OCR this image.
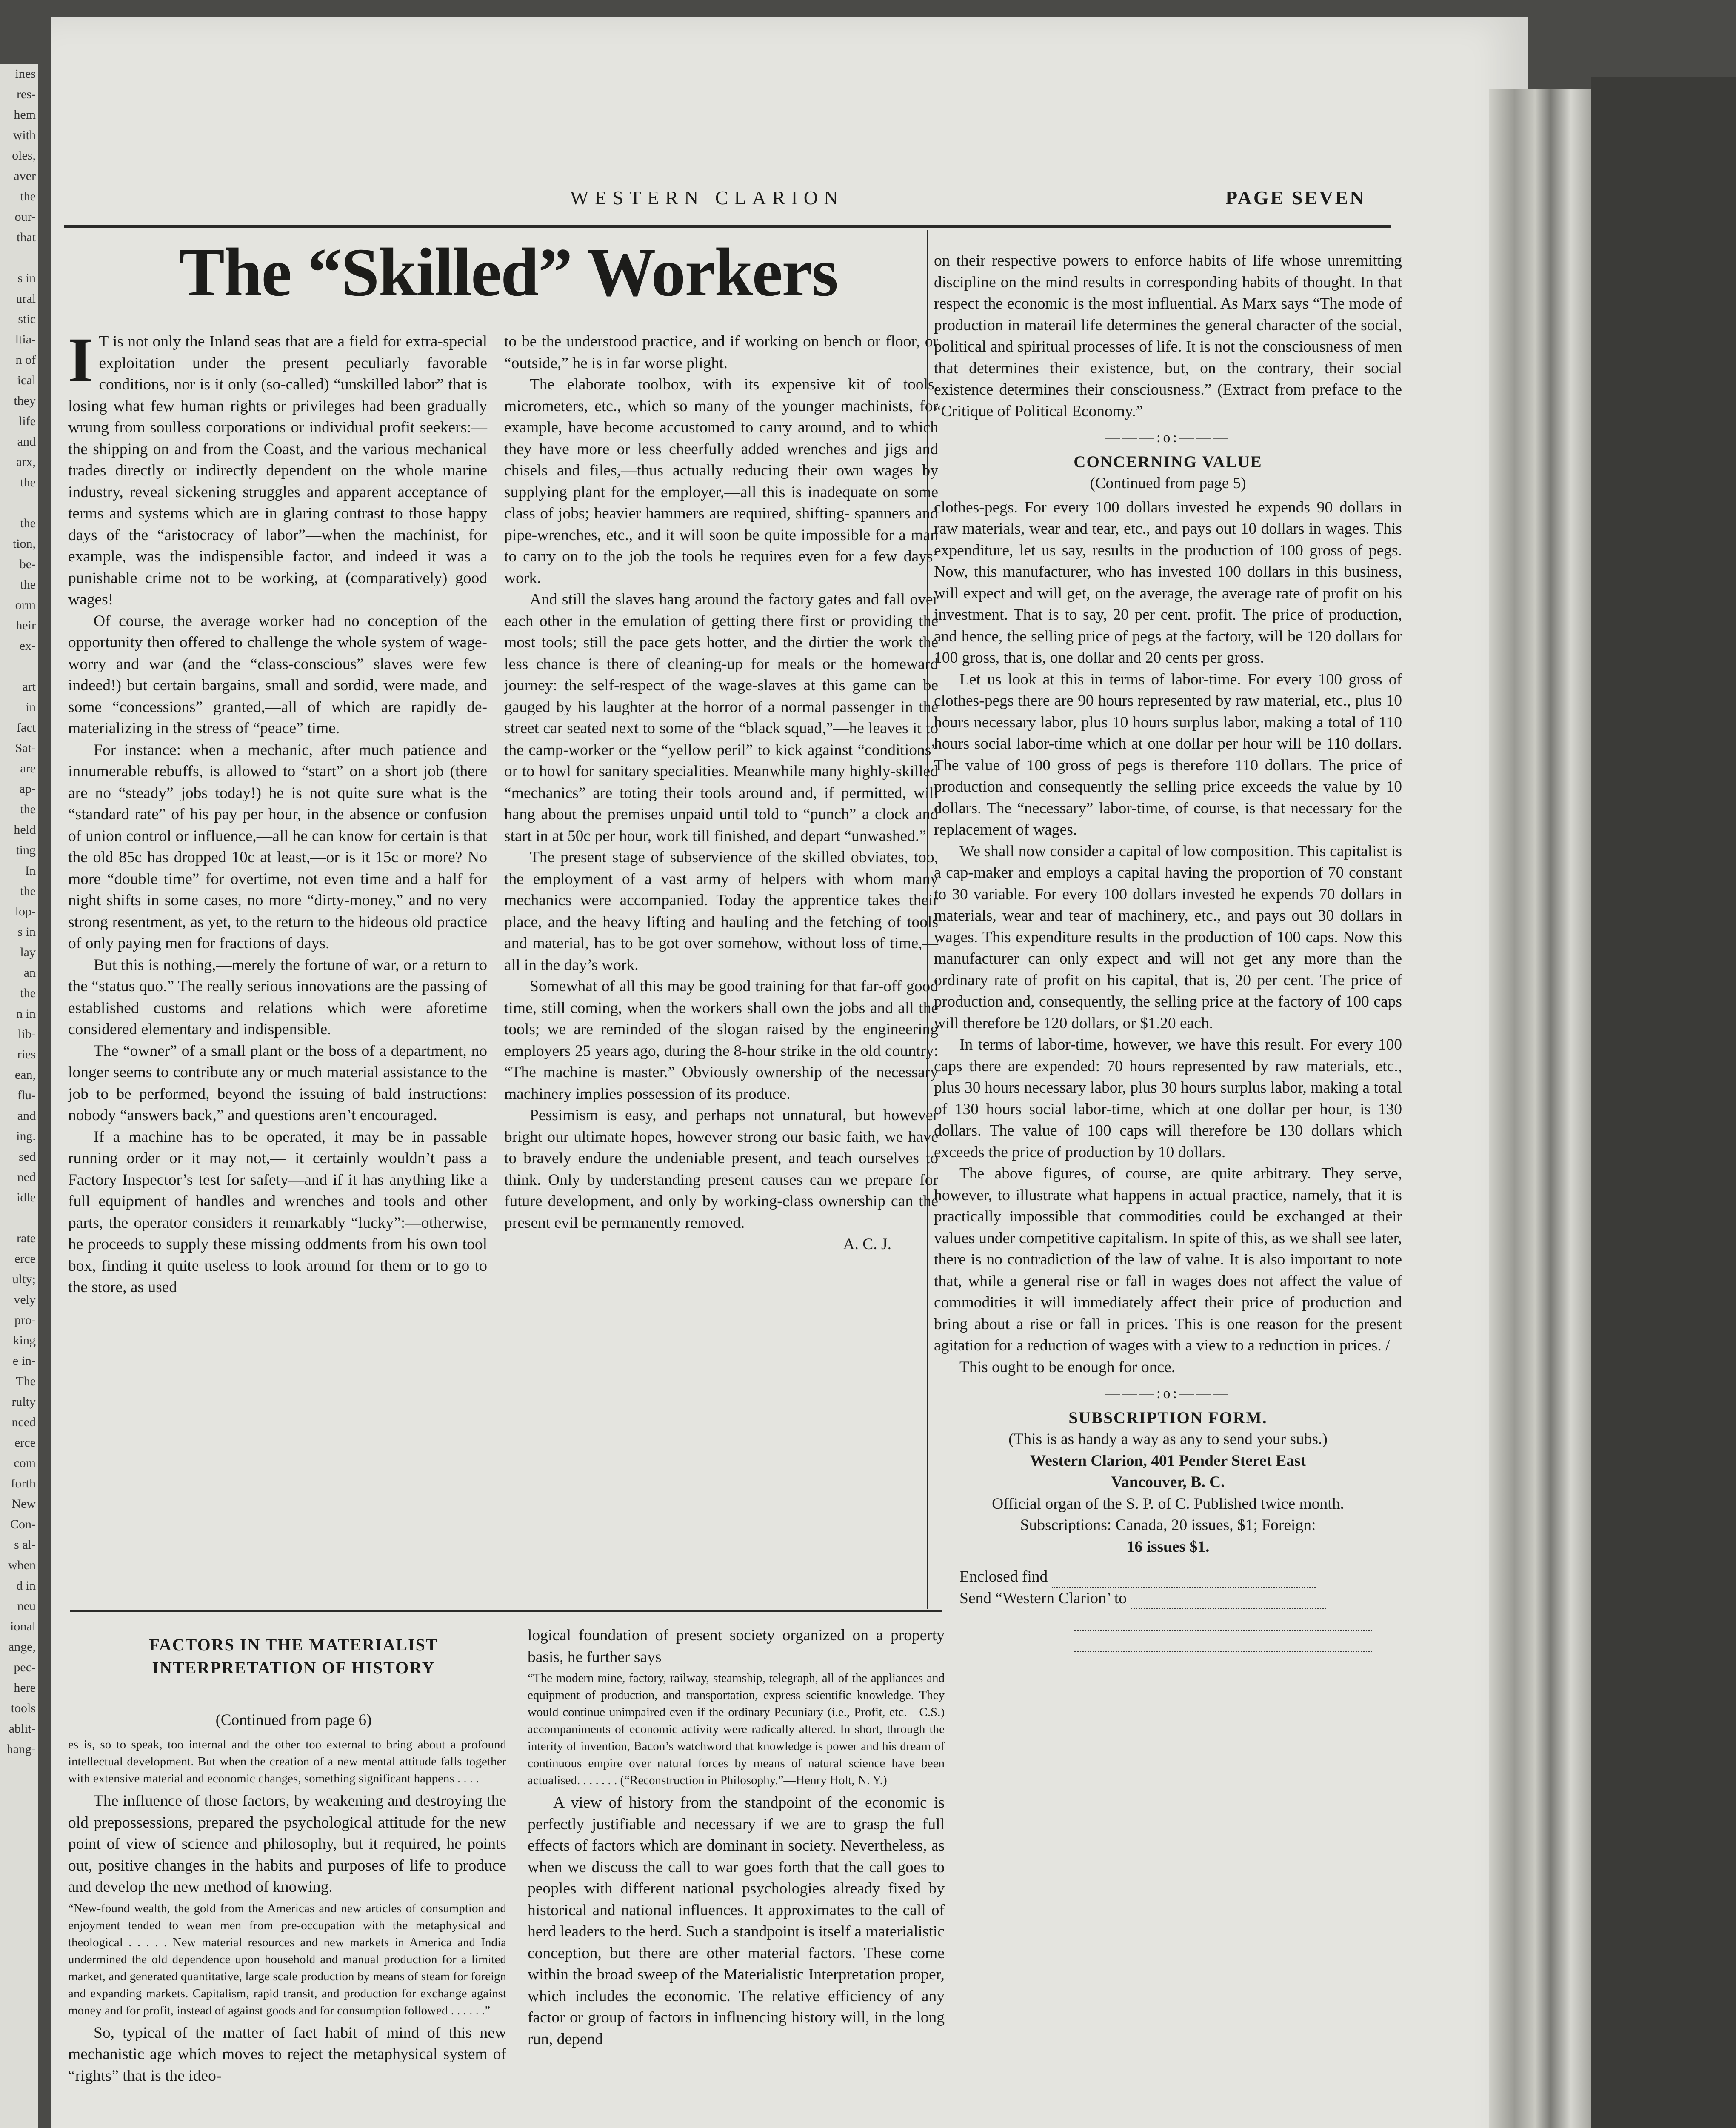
ines
res-
hem
with
oles,
aver
the
our-
that

s in
ural
stic
ltia-
n of
ical
they
life
and
arx,
the

the
tion,
be-
the
orm
heir
ex-

art
in
fact
Sat-
are
ap-
the
held
ting
In
the
lop-
s in
lay
an
the
n in
lib-
ries
ean,
flu-
and
ing.
sed
ned
idle

rate
erce
ulty;
vely
pro-
king
e in-
The
rulty
nced
erce
com
forth
New
Con-
s al-
when
d in
neu
ional
ange,
pec-
here
tools
ablit-
hang-
WESTERN CLARION	PAGE SEVEN
The “Skilled” Workers
I T is not only the Inland seas that are a field for extra-special exploitation under the present peculiarly favorable conditions, nor is it only (so-called) “unskilled labor” that is losing what few human rights or privileges had been gradually wrung from soulless corporations or individual profit seekers:—the shipping on and from the Coast, and the various mechanical trades directly or indirectly dependent on the whole marine industry, reveal sickening struggles and apparent acceptance of terms and systems which are in glaring contrast to those happy days of the “aristocracy of labor”—when the machinist, for example, was the indispensible factor, and indeed it was a punishable crime not to be working, at (comparatively) good wages!

Of course, the average worker had no conception of the opportunity then offered to challenge the whole system of wage-worry and war (and the “class-conscious” slaves were few indeed!) but certain bargains, small and sordid, were made, and some “concessions” granted,—all of which are rapidly de-materializing in the stress of “peace” time.

For instance: when a mechanic, after much patience and innumerable rebuffs, is allowed to “start” on a short job (there are no “steady” jobs today!) he is not quite sure what is the “standard rate” of his pay per hour, in the absence or confusion of union control or influence,—all he can know for certain is that the old 85c has dropped 10c at least,—or is it 15c or more? No more “double time” for overtime, not even time and a half for night shifts in some cases, no more “dirty-money,” and no very strong resentment, as yet, to the return to the hideous old practice of only paying men for fractions of days.

But this is nothing,—merely the fortune of war, or a return to the “status quo.” The really serious innovations are the passing of established customs and relations which were aforetime considered elementary and indispensible.

The “owner” of a small plant or the boss of a department, no longer seems to contribute any or much material assistance to the job to be performed, beyond the issuing of bald instructions: nobody “answers back,” and questions aren’t encouraged.

If a machine has to be operated, it may be in passable running order or it may not,— it certainly wouldn’t pass a Factory Inspector’s test for safety—and if it has anything like a full equipment of handles and wrenches and tools and other parts, the operator considers it remarkably “lucky”:—otherwise, he proceeds to supply these missing oddments from his own tool box, finding it quite useless to look around for them or to go to the store, as used

to be the understood practice, and if working on bench or floor, or “outside,” he is in far worse plight.

The elaborate toolbox, with its expensive kit of tools, micrometers, etc., which so many of the younger machinists, for example, have become accustomed to carry around, and to which they have more or less cheerfully added wrenches and jigs and chisels and files,—thus actually reducing their own wages by supplying plant for the employer,—all this is inadequate on some class of jobs; heavier hammers are required, shifting- spanners and pipe-wrenches, etc., and it will soon be quite impossible for a man to carry on to the job the tools he requires even for a few days’ work.

And still the slaves hang around the factory gates and fall over each other in the emulation of getting there first or providing the most tools; still the pace gets hotter, and the dirtier the work the less chance is there of cleaning-up for meals or the homeward journey: the self-respect of the wage-slaves at this game can be gauged by his laughter at the horror of a normal passenger in the street car seated next to some of the “black squad,”—he leaves it to the camp-worker or the “yellow peril” to kick against “conditions” or to howl for sanitary specialities. Meanwhile many highly-skilled “mechanics” are toting their tools around and, if permitted, will hang about the premises unpaid until told to “punch” a clock and start in at 50c per hour, work till finished, and depart “unwashed.”

The present stage of subservience of the skilled obviates, too, the employment of a vast army of helpers with whom many mechanics were accompanied. Today the apprentice takes their place, and the heavy lifting and hauling and the fetching of tools and material, has to be got over somehow, without loss of time,—all in the day’s work.

Somewhat of all this may be good training for that far-off good time, still coming, when the workers shall own the jobs and all the tools; we are reminded of the slogan raised by the engineering employers 25 years ago, during the 8-hour strike in the old country: “The machine is master.” Obviously ownership of the necessary machinery implies possession of its produce.

Pessimism is easy, and perhaps not unnatural, but however bright our ultimate hopes, however strong our basic faith, we have to bravely endure the undeniable present, and teach ourselves to think. Only by understanding present causes can we prepare for future development, and only by working-class ownership can the present evil be permanently removed.

A. C. J.

on their respective powers to enforce habits of life whose unremitting discipline on the mind results in corresponding habits of thought. In that respect the economic is the most influential. As Marx says “The mode of production in materail life determines the general character of the social, political and spiritual processes of life. It is not the consciousness of men that determines their existence, but, on the contrary, their social existence determines their consciousness.” (Extract from preface to the “Critique of Political Economy.”

———:o:———
CONCERNING VALUE
(Continued from page 5)

clothes-pegs. For every 100 dollars invested he expends 90 dollars in raw materials, wear and tear, etc., and pays out 10 dollars in wages. This expenditure, let us say, results in the production of 100 gross of pegs. Now, this manufacturer, who has invested 100 dollars in this business, will expect and will get, on the average, the average rate of profit on his investment. That is to say, 20 per cent. profit. The price of production, and hence, the selling price of pegs at the factory, will be 120 dollars for 100 gross, that is, one dollar and 20 cents per gross.

Let us look at this in terms of labor-time. For every 100 gross of clothes-pegs there are 90 hours represented by raw material, etc., plus 10 hours necessary labor, plus 10 hours surplus labor, making a total of 110 hours social labor-time which at one dollar per hour will be 110 dollars. The value of 100 gross of pegs is therefore 110 dollars. The price of production and consequently the selling price exceeds the value by 10 dollars. The “necessary” labor-time, of course, is that necessary for the replacement of wages.

We shall now consider a capital of low composition. This capitalist is a cap-maker and employs a capital having the proportion of 70 constant to 30 variable. For every 100 dollars invested he expends 70 dollars in materials, wear and tear of machinery, etc., and pays out 30 dollars in wages. This expenditure results in the production of 100 caps. Now this manufacturer can only expect and will not get any more than the ordinary rate of profit on his capital, that is, 20 per cent. The price of production and, consequently, the selling price at the factory of 100 caps will therefore be 120 dollars, or $1.20 each.

In terms of labor-time, however, we have this result. For every 100 caps there are expended: 70 hours represented by raw materials, etc., plus 30 hours necessary labor, plus 30 hours surplus labor, making a total of 130 hours social labor-time, which at one dollar per hour, is 130 dollars. The value of 100 caps will therefore be 130 dollars which exceeds the price of production by 10 dollars.

The above figures, of course, are quite arbitrary. They serve, however, to illustrate what happens in actual practice, namely, that it is practically impossible that commodities could be exchanged at their values under competitive capitalism. In spite of this, as we shall see later, there is no contradiction of the law of value. It is also important to note that, while a general rise or fall in wages does not affect the value of commodities it will immediately affect their price of production and bring about a rise or fall in prices. This is one reason for the present agitation for a reduction of wages with a view to a reduction in prices. /

This ought to be enough for once.

———:o:———
SUBSCRIPTION FORM.
(This is as handy a way as any to send your subs.)
Western Clarion, 401 Pender Steret East
Vancouver, B. C.
Official organ of the S. P. of C. Published twice month.
Subscriptions: Canada, 20 issues, $1; Foreign:
16 issues $1.
Enclosed find
Send “Western Clarion’ to

FACTORS IN THE MATERIALIST INTERPRETATION OF HISTORY
(Continued from page 6)
es is, so to speak, too internal and the other too external to bring about a profound intellectual development. But when the creation of a new mental attitude falls together with extensive material and economic changes, something significant happens . . . .

The influence of those factors, by weakening and destroying the old prepossessions, prepared the psychological attitude for the new point of view of science and philosophy, but it required, he points out, positive changes in the habits and purposes of life to produce and develop the new method of knowing.

“New-found wealth, the gold from the Americas and new articles of consumption and enjoyment tended to wean men from pre-occupation with the metaphysical and theological . . . . . New material resources and new markets in America and India undermined the old dependence upon household and manual production for a limited market, and generated quantitative, large scale production by means of steam for foreign and expanding markets. Capitalism, rapid transit, and production for exchange against money and for profit, instead of against goods and for consumption followed . . . . . .”

So, typical of the matter of fact habit of mind of this new mechanistic age which moves to reject the metaphysical system of “rights” that is the ideo-

logical foundation of present society organized on a property basis, he further says

“The modern mine, factory, railway, steamship, telegraph, all of the appliances and equipment of production, and transportation, express scientific knowledge. They would continue unimpaired even if the ordinary Pecuniary (i.e., Profit, etc.—C.S.) accompaniments of economic activity were radically altered. In short, through the interity of invention, Bacon’s watchword that knowledge is power and his dream of continuous empire over natural forces by means of natural science have been actualised. . . . . . . (“Reconstruction in Philosophy.”—Henry Holt, N. Y.)

A view of history from the standpoint of the economic is perfectly justifiable and necessary if we are to grasp the full effects of factors which are dominant in society. Nevertheless, as when we discuss the call to war goes forth that the call goes to peoples with different national psychologies already fixed by historical and national influences. It approximates to the call of herd leaders to the herd. Such a standpoint is itself a materialistic conception, but there are other material factors. These come within the broad sweep of the Materialistic Interpretation proper, which includes the economic. The relative efficiency of any factor or group of factors in influencing history will, in the long run, depend
